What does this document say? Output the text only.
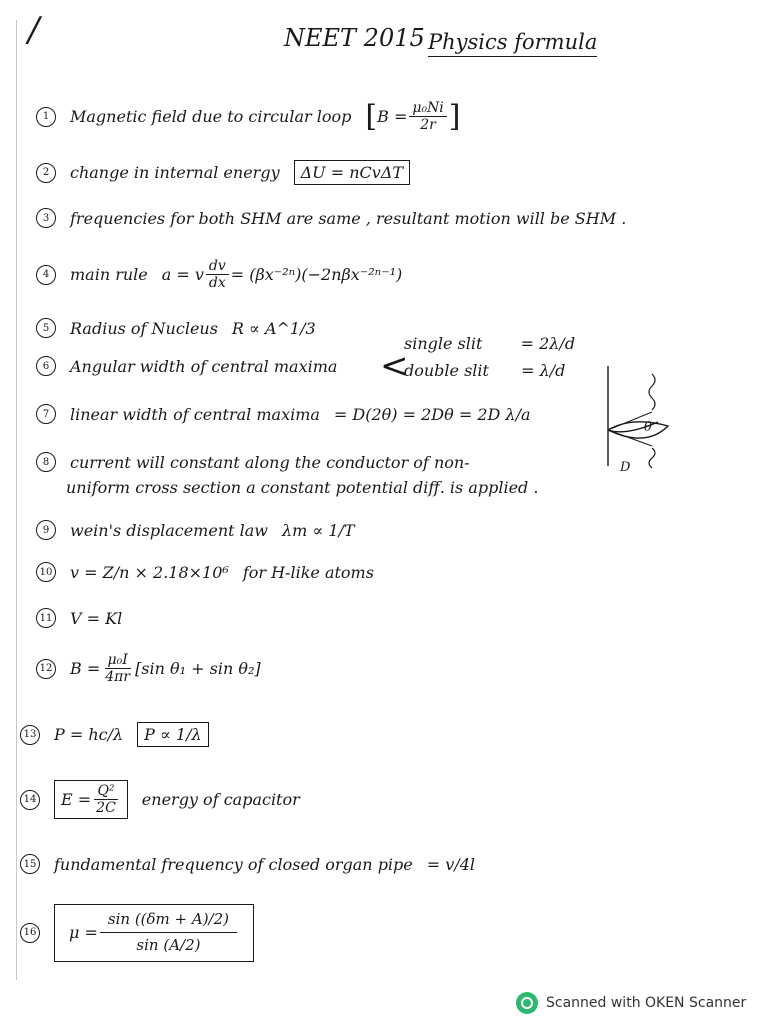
/	NEET 2015 Physics formula
1	Magnetic field due to circular loop [ $B = \frac{\text{μ₀Ni}}{2r}$ ]
2	change in internal energy	ΔU = nCvΔT
3	frequencies for both SHM are same , resultant motion will be SHM .
4	main rule a = v $\frac{dv}{dx} = (\beta x^{-2n})(-2n\beta x^{-2n-1})$
5	Radius of Nucleus R ∝ A^1/3
6	Angular width of central maxima <
single slit = 2λ/d
double slit = λ/d
7	linear width of central maxima = D(2θ) = 2Dθ = 2D λ/a
θ
D
8	current will constant along the conductor of non-
uniform cross section a constant potential diff. is applied .
9	wein's displacement law λm ∝ 1/T
10 v = Z/n × 2.18×10⁶ for H-like atoms
11 V = Kl
12 $B = \frac{\text{μ₀I}}{4\pi r} [\sin$ θ₁ + sin θ₂]
13 P = hc/λ	P ∝ 1/λ
14 $E = \frac{\text{Q²}}{2C}$ energy of capacitor
15 fundamental frequency of closed organ pipe = v/4l
16 $\mu = \frac{\sin ((\delta m + A)/2)}{\sin (A/2)}$
Scanned with OKEN Scanner
